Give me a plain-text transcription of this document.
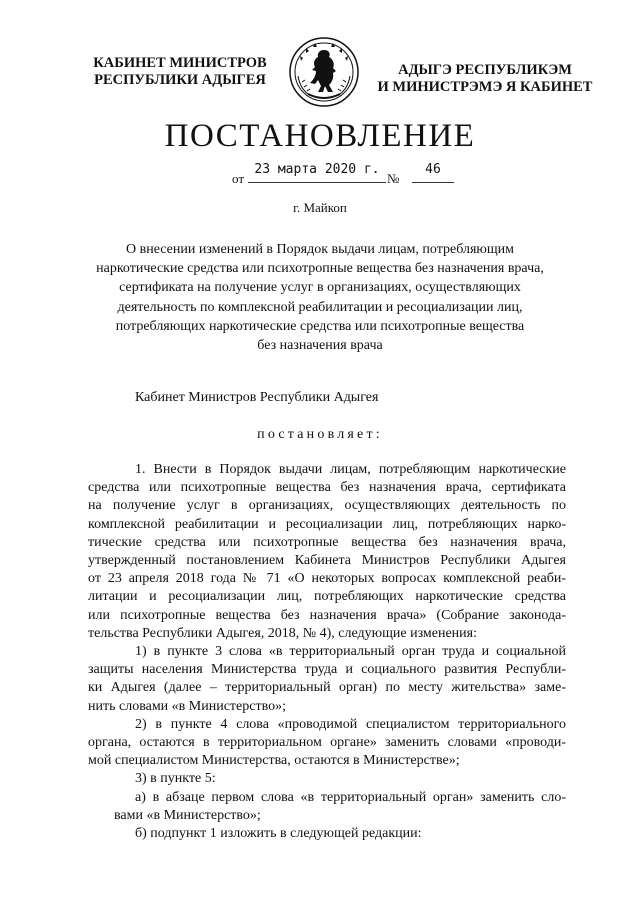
КАБИНЕТ МИНИСТРОВ
РЕСПУБЛИКИ АДЫГЕЯ
АДЫГЭ РЕСПУБЛИКЭМ
И МИНИСТРЭМЭ Я КАБИНЕТ
ПОСТАНОВЛЕНИЕ
от
23 марта 2020 г.
№
46
г. Майкоп
О внесении изменений в Порядок выдачи лицам, потребляющим
наркотические средства или психотропные вещества без назначения врача,
сертификата на получение услуг в организациях, осуществляющих
деятельность по комплексной реабилитации и ресоциализации лиц,
потребляющих наркотические средства или психотропные вещества
без назначения врача
Кабинет Министров Республики Адыгея
постановляет:
1. Внести в Порядок выдачи лицам, потребляющим наркотические
средства или психотропные вещества без назначения врача, сертификата
на получение услуг в организациях, осуществляющих деятельность по
комплексной реабилитации и ресоциализации лиц, потребляющих нарко-
тические средства или психотропные вещества без назначения врача,
утвержденный постановлением Кабинета Министров Республики Адыгея
от 23 апреля 2018 года № 71 «О некоторых вопросах комплексной реаби-
литации и ресоциализации лиц, потребляющих наркотические средства
или психотропные вещества без назначения врача» (Собрание законода-
тельства Республики Адыгея, 2018, № 4), следующие изменения:
1) в пункте 3 слова «в территориальный орган труда и социальной
защиты населения Министерства труда и социального развития Республи-
ки Адыгея (далее – территориальный орган) по месту жительства» заме-
нить словами «в Министерство»;
2) в пункте 4 слова «проводимой специалистом территориального
органа, остаются в территориальном органе» заменить словами «проводи-
мой специалистом Министерства, остаются в Министерстве»;
3) в пункте 5:
а) в абзаце первом слова «в территориальный орган» заменить сло-
вами «в Министерство»;
б) подпункт 1 изложить в следующей редакции:
